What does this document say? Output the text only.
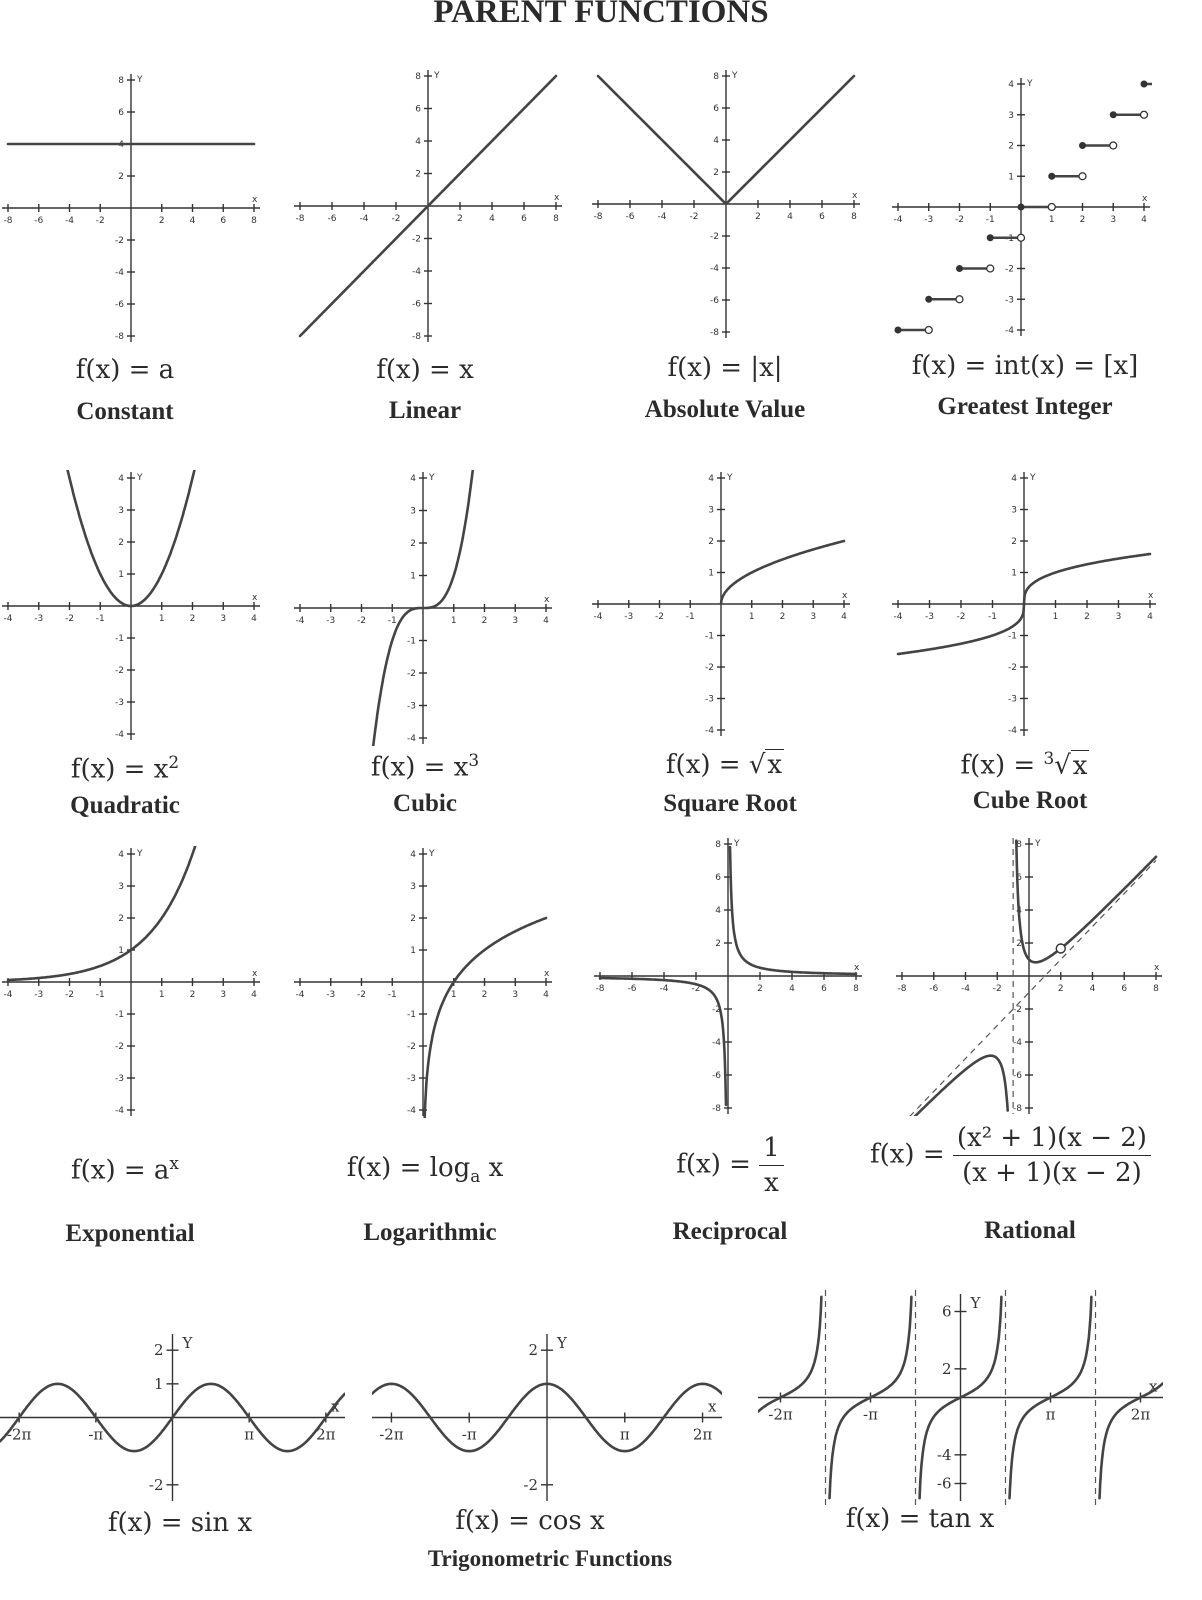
PARENT FUNCTIONS
x
Y
-8 -6 -4 -2	2	4	6	8
-8
-6
-4
-2
2
4
6
8
x
Y
-8	-6	-4	-2	2	4	6	8
-8
-6
-4
-2
2
4
6
8
x
Y
-8	-6	-4	-2	2	4	6	8
-8
-6
-4
-2
2
4
6
8
x
Y
-4 -3 -2 -1	1	2	3	4
-4
-3
-2
-1
1
2
3
4
f(x) = a	f(x) = x	f(x) = |x|	f(x) = int(x) = [x]
Constant	Linear	Absolute Value	Greatest Integer
x
Y
-4 -3 -2 -1	1	2	3	4
-4
-3
-2
-1
1
2
3
4
x
Y
-4 -3 -2 -1	1	2	3	4
-4
-3
-2
-1
1
2
3
4
x
Y
-4 -3 -2 -1	1	2	3	4
-4
-3
-2
-1
1
2
3
4
x
Y
-4	-3	-2	-1	1	2	3	4
-4
-3
-2
-1
1
2
3
4
$f(x) = x^2$	$f(x) = x^3$	f(x) = √x	f(x) = $^3$√x
Quadratic	Cubic	Square Root	Cube Root
x
Y
-4 -3 -2 -1	1	2	3	4
-4
-3
-2
-1
1
2
3
4
x
Y
-4 -3 -2 -1	1	2	3	4
-4
-3
-2
-1
1
2
3
4
x
Y
-8	-6	-4	-2	2	4	6	8
-8
-6
-4
-2
2
4
6
8
x
Y
-8	-6	-4	-2	2	4	6	8
-8
-6
-4
-2
2
4
6
8
$f(x) = a^x$	$f(x) = \log_a x$	$f(x) = \frac{1}{x}$	$f(x) = \frac{\text{(x² + 1)(x − 2)}}{(x + 1)(x - 2)}$
Exponential	Logarithmic	Reciprocal	Rational
x
Y
-2π	-π	π	2π
2
1
-2
x
Y
-2π	-π	π	2π
2
-2
x
Y
-2π	-π	π	2π
6
2
-4
-6
f(x) = sin x	f(x) = cos x	f(x) = tan x
Trigonometric Functions
